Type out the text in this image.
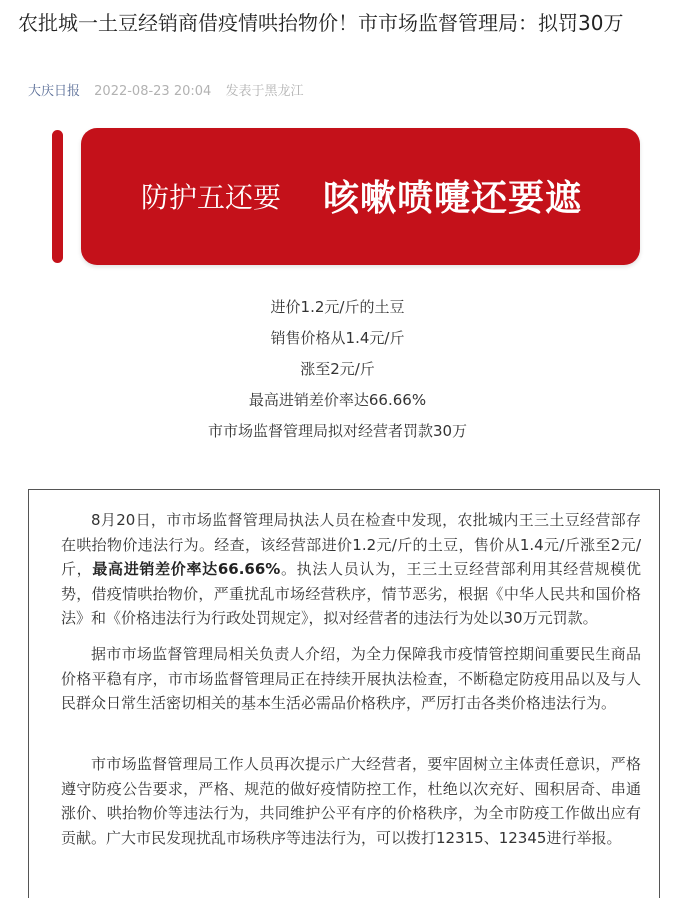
农批城一土豆经销商借疫情哄抬物价！市市场监督管理局：拟罚30万
大庆日报 2022-08-23 20:04 发表于黑龙江
防护五还要 咳嗽喷嚏还要遮
进价1.2元/斤的土豆
销售价格从1.4元/斤
涨至2元/斤
最高进销差价率达66.66%
市市场监督管理局拟对经营者罚款30万

8月20日，市市场监督管理局执法人员在检查中发现，农批城内王三土豆经营部存在哄抬物价违法行为。经查，该经营部进价1.2元/斤的土豆，售价从1.4元/斤涨至2元/斤，最高进销差价率达66.66%。执法人员认为，王三土豆经营部利用其经营规模优势，借疫情哄抬物价，严重扰乱市场经营秩序，情节恶劣，根据《中华人民共和国价格法》和《价格违法行为行政处罚规定》，拟对经营者的违法行为处以30万元罚款。

据市市场监督管理局相关负责人介绍，为全力保障我市疫情管控期间重要民生商品价格平稳有序，市市场监督管理局正在持续开展执法检查，不断稳定防疫用品以及与人民群众日常生活密切相关的基本生活必需品价格秩序，严厉打击各类价格违法行为。

市市场监督管理局工作人员再次提示广大经营者，要牢固树立主体责任意识，严格遵守防疫公告要求，严格、规范的做好疫情防控工作，杜绝以次充好、囤积居奇、串通涨价、哄抬物价等违法行为，共同维护公平有序的价格秩序，为全市防疫工作做出应有贡献。广大市民发现扰乱市场秩序等违法行为，可以拨打12315、12345进行举报。
